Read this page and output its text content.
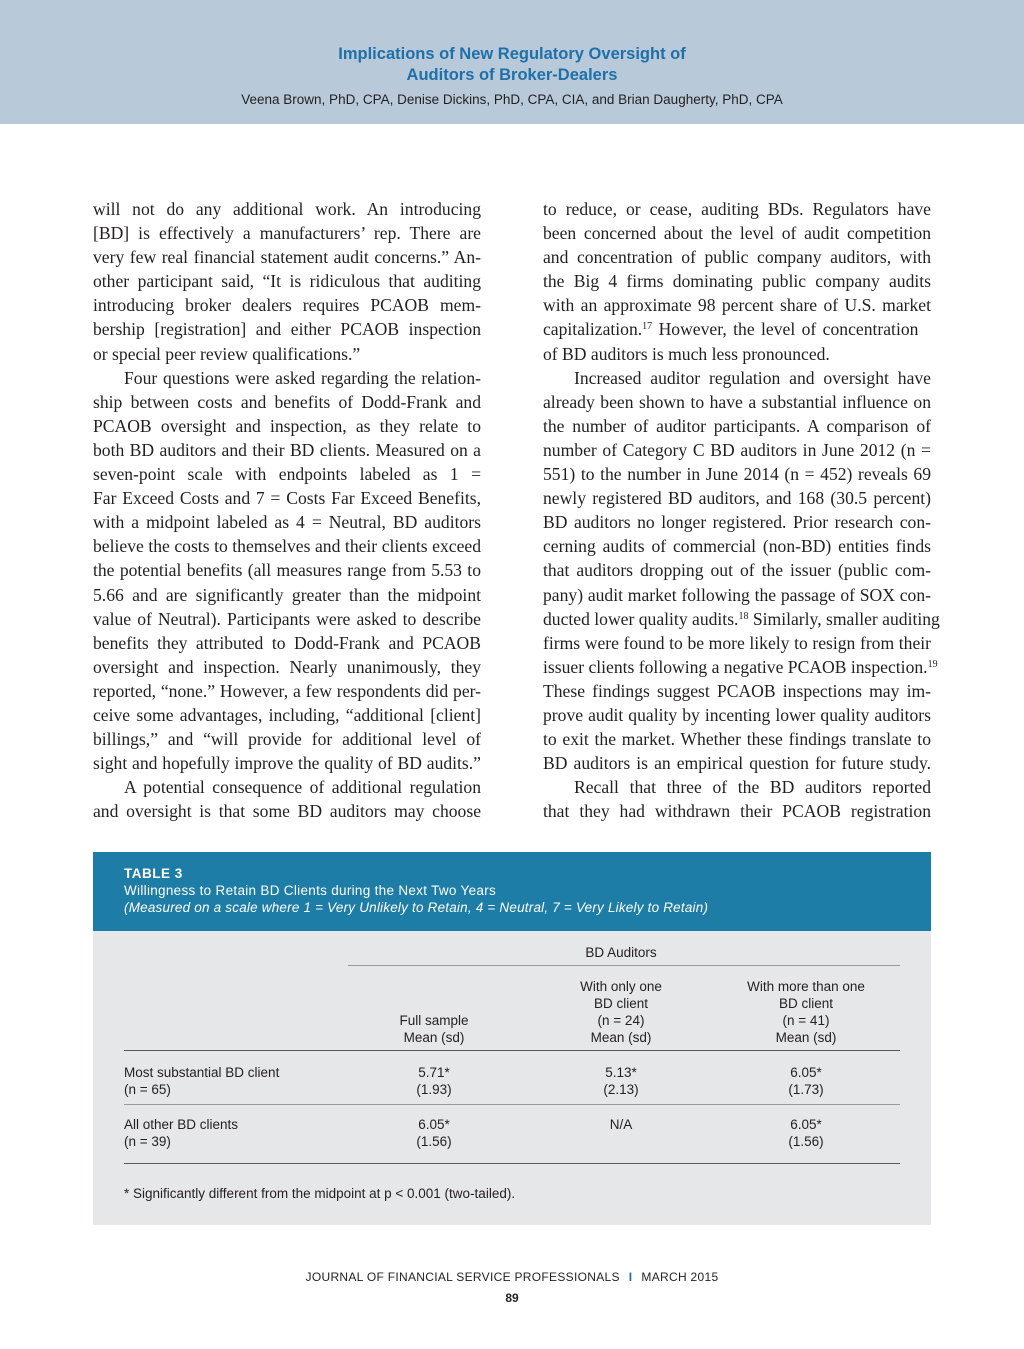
Implications of New Regulatory Oversight of
Auditors of Broker-Dealers
Veena Brown, PhD, CPA, Denise Dickins, PhD, CPA, CIA, and Brian Daugherty, PhD, CPA
will not do any additional work. An introducing
[BD] is effectively a manufacturers’ rep. There are
very few real financial statement audit concerns.” An-
other participant said, “It is ridiculous that auditing
introducing broker dealers requires PCAOB mem-
bership [registration] and either PCAOB inspection
or special peer review qualifications.”
Four questions were asked regarding the relation-
ship between costs and benefits of Dodd-Frank and
PCAOB oversight and inspection, as they relate to
both BD auditors and their BD clients. Measured on a
seven-point scale with endpoints labeled as 1 =
Far Exceed Costs and 7 = Costs Far Exceed Benefits,
with a midpoint labeled as 4 = Neutral, BD auditors
believe the costs to themselves and their clients exceed
the potential benefits (all measures range from 5.53 to
5.66 and are significantly greater than the midpoint
value of Neutral). Participants were asked to describe
benefits they attributed to Dodd-Frank and PCAOB
oversight and inspection. Nearly unanimously, they
reported, “none.” However, a few respondents did per-
ceive some advantages, including, “additional [client]
billings,” and “will provide for additional level of
sight and hopefully improve the quality of BD audits.”
A potential consequence of additional regulation
and oversight is that some BD auditors may choose
to reduce, or cease, auditing BDs. Regulators have
been concerned about the level of audit competition
and concentration of public company auditors, with
the Big 4 firms dominating public company audits
with an approximate 98 percent share of U.S. market
capitalization.$^{17}$ However, the level of concentration
of BD auditors is much less pronounced.
Increased auditor regulation and oversight have
already been shown to have a substantial influence on
the number of auditor participants. A comparison of
number of Category C BD auditors in June 2012 (n =
551) to the number in June 2014 (n = 452) reveals 69
newly registered BD auditors, and 168 (30.5 percent)
BD auditors no longer registered. Prior research con-
cerning audits of commercial (non-BD) entities finds
that auditors dropping out of the issuer (public com-
pany) audit market following the passage of SOX con-
ducted lower quality audits.$^{18}$ Similarly, smaller auditing
firms were found to be more likely to resign from their
issuer clients following a negative PCAOB inspection.$^{19}$
These findings suggest PCAOB inspections may im-
prove audit quality by incenting lower quality auditors
to exit the market. Whether these findings translate to
BD auditors is an empirical question for future study.
Recall that three of the BD auditors reported
that they had withdrawn their PCAOB registration
TABLE 3
Willingness to Retain BD Clients during the Next Two Years
(Measured on a scale where 1 = Very Unlikely to Retain, 4 = Neutral, 7 = Very Likely to Retain)
BD Auditors
Full sample
Mean (sd)
With only one
BD client
(n = 24)
Mean (sd)
With more than one
BD client
(n = 41)
Mean (sd)
Most substantial BD client
(n = 65)
5.71*
(1.93)
5.13*
(2.13)
6.05*
(1.73)
All other BD clients
(n = 39)
6.05*
(1.56)
N/A	6.05*
(1.56)
* Significantly different from the midpoint at p < 0.001 (two-tailed).
JOURNAL OF FINANCIAL SERVICE PROFESSIONALS I MARCH 2015
89
